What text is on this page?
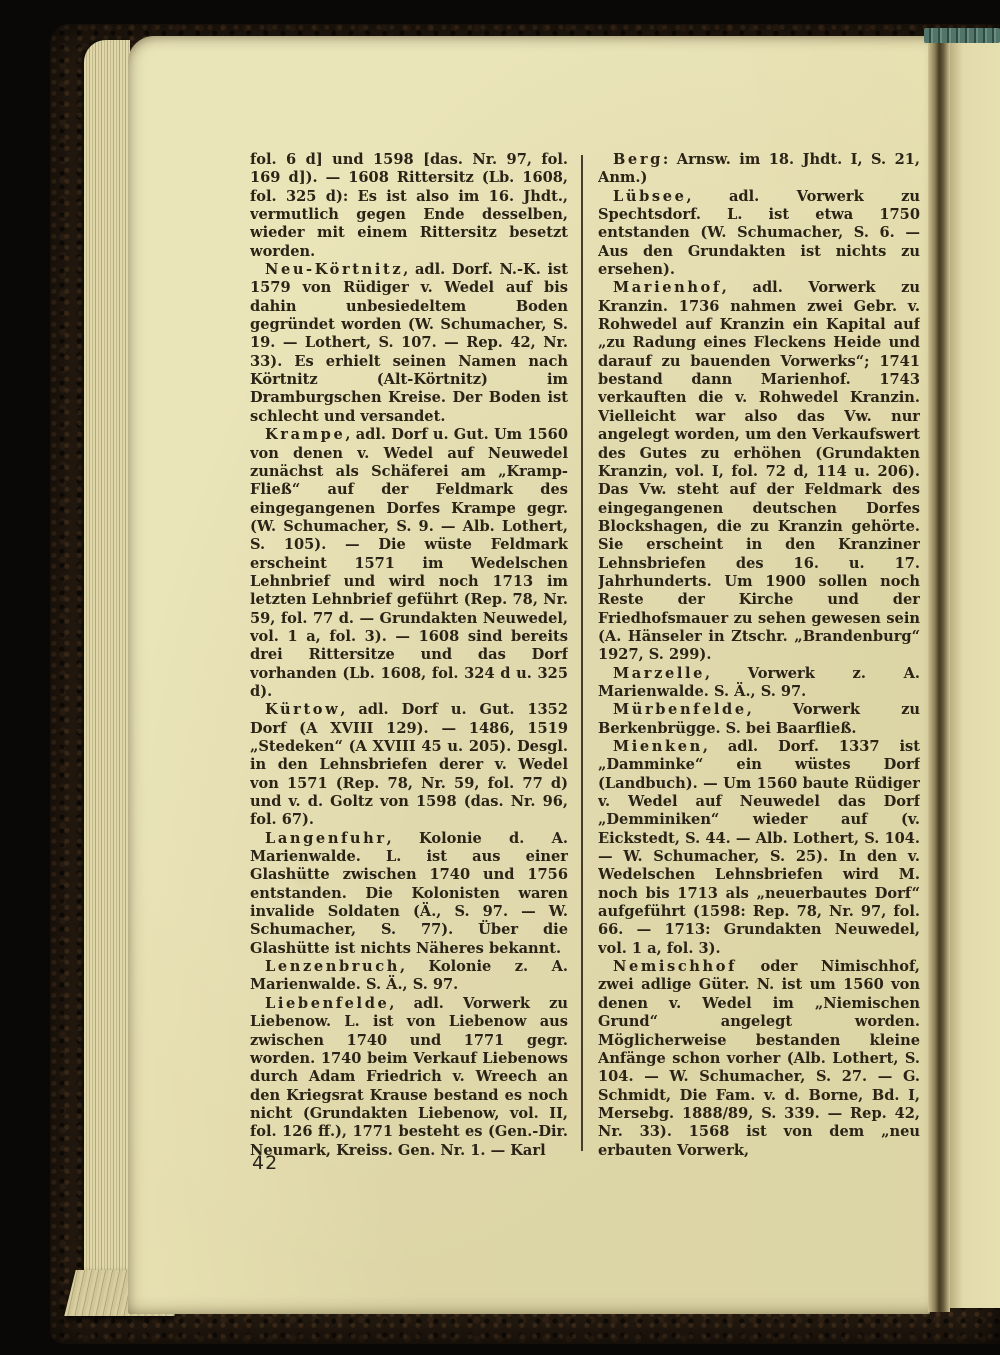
fol. 6 d] und 1598 [das. Nr. 97, fol. 169 d]). — 1608 Rittersitz (Lb. 1608, fol. 325 d): Es ist also im 16. Jhdt., vermutlich gegen Ende desselben, wieder mit einem Rittersitz besetzt worden.

Neu-Körtnitz, adl. Dorf. N.-K. ist 1579 von Rüdiger v. Wedel auf bis dahin unbesiedeltem Boden gegründet worden (W. Schumacher, S. 19. — Lothert, S. 107. — Rep. 42, Nr. 33). Es erhielt seinen Namen nach Körtnitz (Alt-Körtnitz) im Dramburgschen Kreise. Der Boden ist schlecht und versandet.

Krampe, adl. Dorf u. Gut. Um 1560 von denen v. Wedel auf Neuwedel zunächst als Schäferei am „Kramp-Fließ“ auf der Feldmark des eingegangenen Dorfes Krampe gegr. (W. Schumacher, S. 9. — Alb. Lothert, S. 105). — Die wüste Feldmark erscheint 1571 im Wedelschen Lehnbrief und wird noch 1713 im letzten Lehnbrief geführt (Rep. 78, Nr. 59, fol. 77 d. — Grundakten Neuwedel, vol. 1 a, fol. 3). — 1608 sind bereits drei Rittersitze und das Dorf vorhanden (Lb. 1608, fol. 324 d u. 325 d).

Kürtow, adl. Dorf u. Gut. 1352 Dorf (A XVIII 129). — 1486, 1519 „Stedeken“ (A XVIII 45 u. 205). Desgl. in den Lehnsbriefen derer v. Wedel von 1571 (Rep. 78, Nr. 59, fol. 77 d) und v. d. Goltz von 1598 (das. Nr. 96, fol. 67).

Langenfuhr, Kolonie d. A. Marienwalde. L. ist aus einer Glashütte zwischen 1740 und 1756 entstanden. Die Kolonisten waren invalide Soldaten (Ä., S. 97. — W. Schumacher, S. 77). Über die Glashütte ist nichts Näheres bekannt.

Lenzenbruch, Kolonie z. A. Marienwalde. S. Ä., S. 97.

Liebenfelde, adl. Vorwerk zu Liebenow. L. ist von Liebenow aus zwischen 1740 und 1771 gegr. worden. 1740 beim Verkauf Liebenows durch Adam Friedrich v. Wreech an den Kriegsrat Krause bestand es noch nicht (Grundakten Liebenow, vol. II, fol. 126 ff.), 1771 besteht es (Gen.-Dir. Neumark, Kreiss. Gen. Nr. 1. — Karl

Berg: Arnsw. im 18. Jhdt. I, S. 21, Anm.)

Lübsee, adl. Vorwerk zu Spechtsdorf. L. ist etwa 1750 entstanden (W. Schumacher, S. 6. — Aus den Grundakten ist nichts zu ersehen).

Marienhof, adl. Vorwerk zu Kranzin. 1736 nahmen zwei Gebr. v. Rohwedel auf Kranzin ein Kapital auf „zu Radung eines Fleckens Heide und darauf zu bauenden Vorwerks“; 1741 bestand dann Marienhof. 1743 verkauften die v. Rohwedel Kranzin. Vielleicht war also das Vw. nur angelegt worden, um den Verkaufswert des Gutes zu erhöhen (Grundakten Kranzin, vol. I, fol. 72 d, 114 u. 206). Das Vw. steht auf der Feldmark des eingegangenen deutschen Dorfes Blockshagen, die zu Kranzin gehörte. Sie erscheint in den Kranziner Lehnsbriefen des 16. u. 17. Jahrhunderts. Um 1900 sollen noch Reste der Kirche und der Friedhofsmauer zu sehen gewesen sein (A. Hänseler in Ztschr. „Brandenburg“ 1927, S. 299).

Marzelle, Vorwerk z. A. Marienwalde. S. Ä., S. 97.

Mürbenfelde, Vorwerk zu Berkenbrügge. S. bei Baarfließ.

Mienken, adl. Dorf. 1337 ist „Damminke“ ein wüstes Dorf (Landbuch). — Um 1560 baute Rüdiger v. Wedel auf Neuwedel das Dorf „Demminiken“ wieder auf (v. Eickstedt, S. 44. — Alb. Lothert, S. 104. — W. Schumacher, S. 25). In den v. Wedelschen Lehnsbriefen wird M. noch bis 1713 als „neuerbautes Dorf“ aufgeführt (1598: Rep. 78, Nr. 97, fol. 66. — 1713: Grundakten Neuwedel, vol. 1 a, fol. 3).

Nemischhof oder Nimischhof, zwei adlige Güter. N. ist um 1560 von denen v. Wedel im „Niemischen Grund“ angelegt worden. Möglicherweise bestanden kleine Anfänge schon vorher (Alb. Lothert, S. 104. — W. Schumacher, S. 27. — G. Schmidt, Die Fam. v. d. Borne, Bd. I, Mersebg. 1888/89, S. 339. — Rep. 42, Nr. 33). 1568 ist von dem „neu erbauten Vorwerk,

42
